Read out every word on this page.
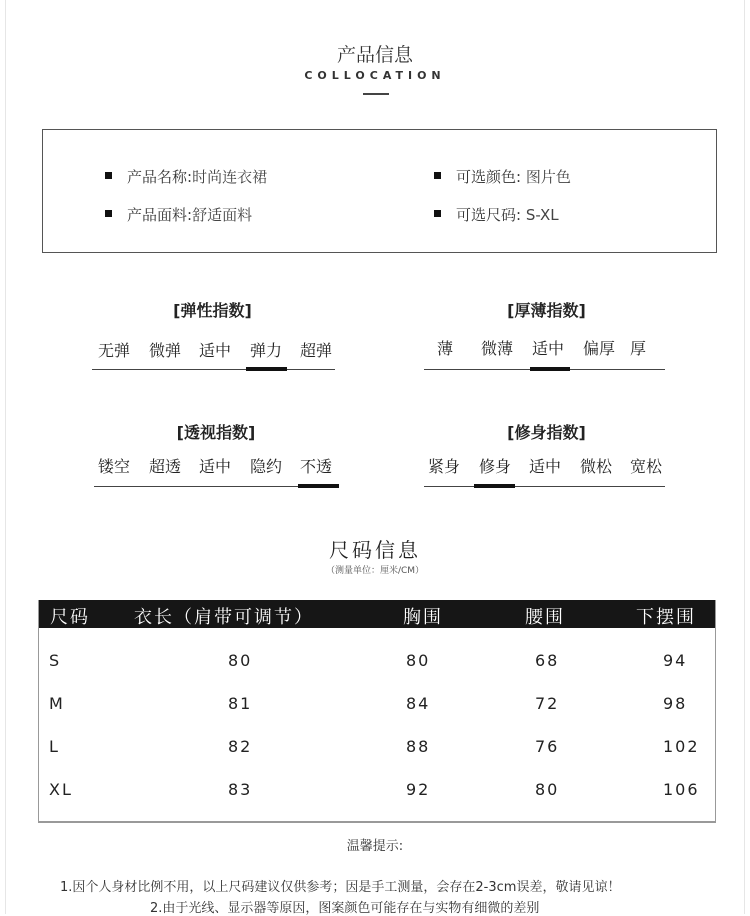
产品信息
COLLOCATION
产品名称:时尚连衣裙
产品面料:舒适面料
可选颜色: 图片色
可选尺码: S-XL
[弹性指数]
无弹 微弹 适中 弹力 超弹
[厚薄指数]
薄 微薄 适中 偏厚 厚
[透视指数]
镂空 超透 适中 隐约 不透
[修身指数]
紧身 修身 适中 微松 宽松
尺码信息
（测量单位：厘米/CM）
尺码 衣长（肩带可调节）	胸围	腰围	下摆围
S	80	80	68	94
M	81	84	72	98
L	82	88	76	102
XL	83	92	80	106
温馨提示:
1.因个人身材比例不用，以上尺码建议仅供参考；因是手工测量，会存在2-3cm误差，敬请见谅！
2.由于光线、显示器等原因，图案颜色可能存在与实物有细微的差别
